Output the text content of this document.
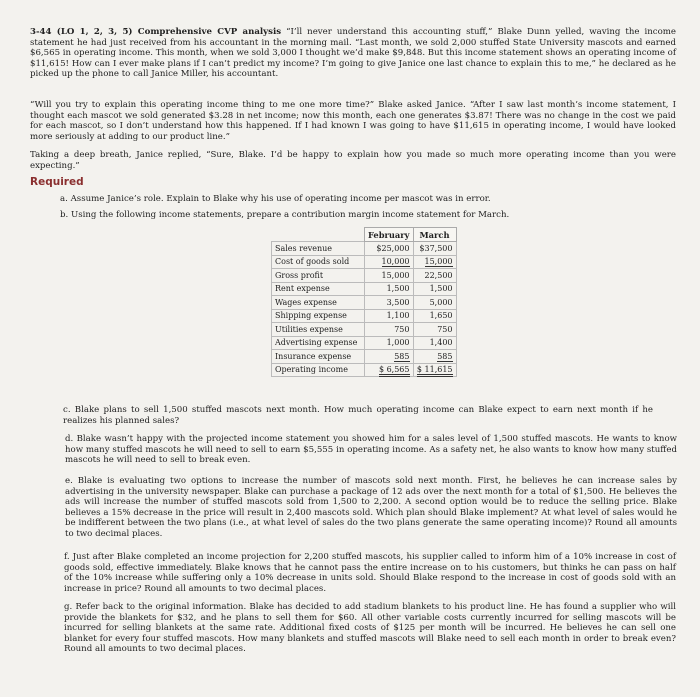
3-44 (LO 1, 2, 3, 5) Comprehensive CVP analysis “I’ll never understand this accounting stuff,” Blake Dunn yelled, waving the income statement he had just received from his accountant in the morning mail. “Last month, we sold 2,000 stuffed State University mascots and earned $6,565 in operating income. This month, when we sold 3,000 I thought we’d make $9,848. But this income statement shows an operating income of $11,615! How can I ever make plans if I can’t predict my income? I’m going to give Janice one last chance to explain this to me,” he declared as he picked up the phone to call Janice Miller, his accountant.

“Will you try to explain this operating income thing to me one more time?” Blake asked Janice. “After I saw last month’s income statement, I thought each mascot we sold generated $3.28 in net income; now this month, each one generates $3.87! There was no change in the cost we paid for each mascot, so I don’t understand how this happened. If I had known I was going to have $11,615 in operating income, I would have looked more seriously at adding to our product line.”

Taking a deep breath, Janice replied, “Sure, Blake. I’d be happy to explain how you made so much more operating income than you were expecting.”

Required
a. Assume Janice’s role. Explain to Blake why his use of operating income per mascot was in error.
b. Using the following income statements, prepare a contribution margin income statement for March.
	February	March
Sales revenue	$25,000	$37,500
Cost of goods sold	10,000	15,000
Gross profit	15,000	22,500
Rent expense	1,500	1,500
Wages expense	3,500	5,000
Shipping expense	1,100	1,650
Utilities expense	750	750
Advertising expense	1,000	1,400
Insurance expense	585	585
Operating income	$ 6,565	$ 11,615

c. Blake plans to sell 1,500 stuffed mascots next month. How much operating income can Blake expect to earn next month if he realizes his planned sales?

d. Blake wasn’t happy with the projected income statement you showed him for a sales level of 1,500 stuffed mascots. He wants to know how many stuffed mascots he will need to sell to earn $5,555 in operating income. As a safety net, he also wants to know how many stuffed mascots he will need to sell to break even.

e. Blake is evaluating two options to increase the number of mascots sold next month. First, he believes he can increase sales by advertising in the university newspaper. Blake can purchase a package of 12 ads over the next month for a total of $1,500. He believes the ads will increase the number of stuffed mascots sold from 1,500 to 2,200. A second option would be to reduce the selling price. Blake believes a 15% decrease in the price will result in 2,400 mascots sold. Which plan should Blake implement? At what level of sales would he be indifferent between the two plans (i.e., at what level of sales do the two plans generate the same operating income)? Round all amounts to two decimal places.

f. Just after Blake completed an income projection for 2,200 stuffed mascots, his supplier called to inform him of a 10% increase in cost of goods sold, effective immediately. Blake knows that he cannot pass the entire increase on to his customers, but thinks he can pass on half of the 10% increase while suffering only a 10% decrease in units sold. Should Blake respond to the increase in cost of goods sold with an increase in price? Round all amounts to two decimal places.

g. Refer back to the original information. Blake has decided to add stadium blankets to his product line. He has found a supplier who will provide the blankets for $32, and he plans to sell them for $60. All other variable costs currently incurred for selling mascots will be incurred for selling blankets at the same rate. Additional fixed costs of $125 per month will be incurred. He believes he can sell one blanket for every four stuffed mascots. How many blankets and stuffed mascots will Blake need to sell each month in order to break even? Round all amounts to two decimal places.
